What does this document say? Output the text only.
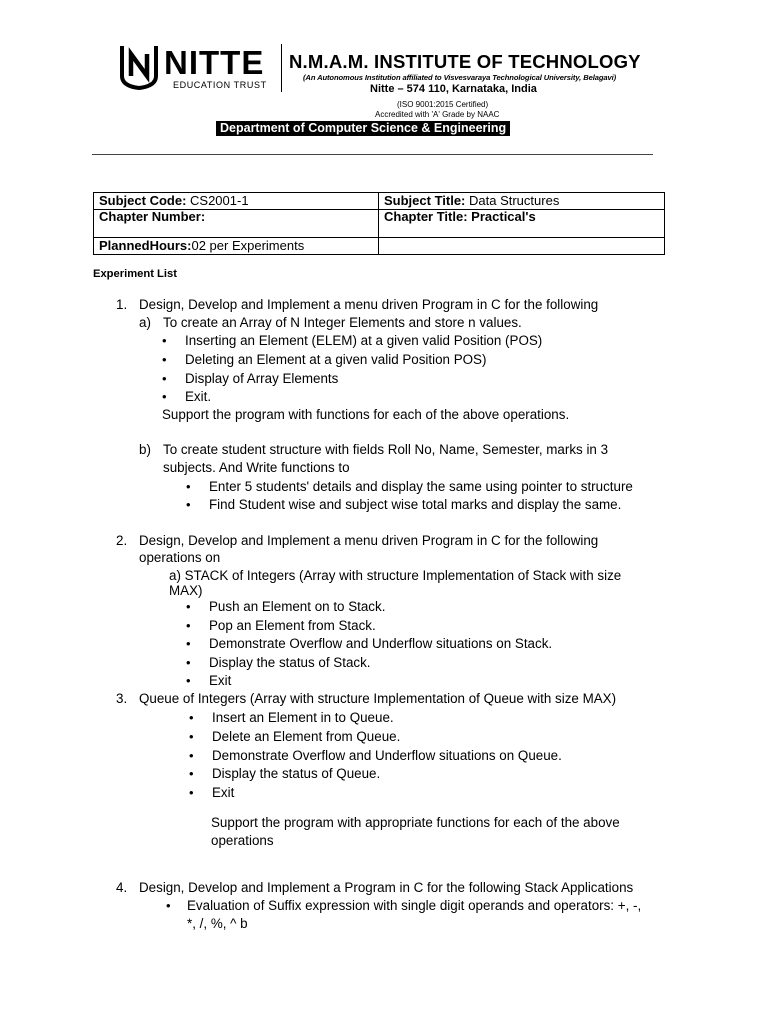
NITTE
EDUCATION TRUST
N.M.A.M. INSTITUTE OF TECHNOLOGY
(An Autonomous Institution affiliated to Visvesvaraya Technological University, Belagavi)
Nitte – 574 110, Karnataka, India
(ISO 9001:2015 Certified)
Accredited with 'A' Grade by NAAC
Department of Computer Science & Engineering
Subject Code: CS2001-1	Subject Title: Data Structures
Chapter Number:	Chapter Title: Practical's
PlannedHours:02 per Experiments	
Experiment List
1. Design, Develop and Implement a menu driven Program in C for the following
a) To create an Array of N Integer Elements and store n values.
• Inserting an Element (ELEM) at a given valid Position (POS)
• Deleting an Element at a given valid Position POS)
• Display of Array Elements
• Exit.
Support the program with functions for each of the above operations.
b) To create student structure with fields Roll No, Name, Semester, marks in 3
subjects. And Write functions to
• Enter 5 students' details and display the same using pointer to structure
• Find Student wise and subject wise total marks and display the same.
2. Design, Develop and Implement a menu driven Program in C for the following
operations on
a) STACK of Integers (Array with structure Implementation of Stack with size
MAX)
• Push an Element on to Stack.
• Pop an Element from Stack.
• Demonstrate Overflow and Underflow situations on Stack.
• Display the status of Stack.
• Exit
3. Queue of Integers (Array with structure Implementation of Queue with size MAX)
• Insert an Element in to Queue.
• Delete an Element from Queue.
• Demonstrate Overflow and Underflow situations on Queue.
• Display the status of Queue.
• Exit
Support the program with appropriate functions for each of the above
operations
4. Design, Develop and Implement a Program in C for the following Stack Applications
• Evaluation of Suffix expression with single digit operands and operators: +, -,
*, /, %, ^ b
